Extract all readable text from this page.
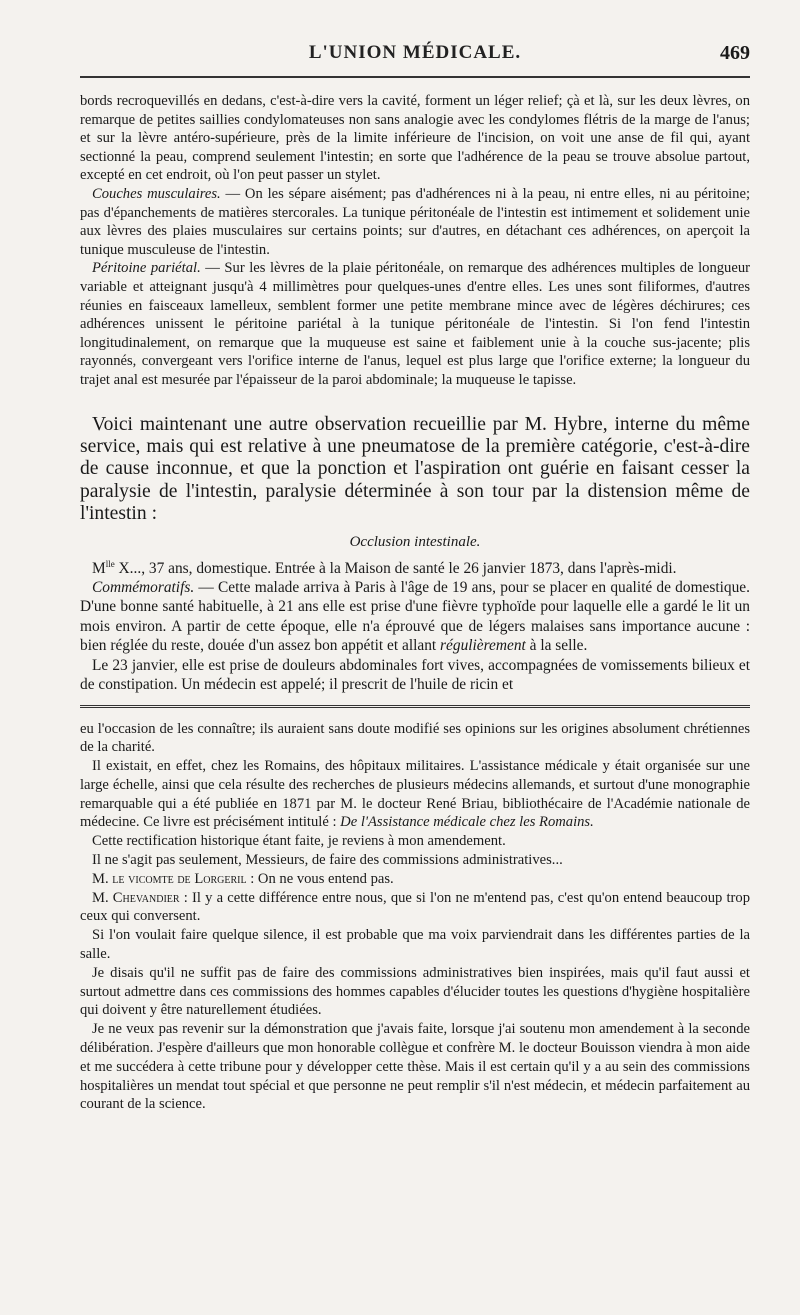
L'UNION MÉDICALE.	469

bords recroquevillés en dedans, c'est-à-dire vers la cavité, forment un léger relief; çà et là, sur les deux lèvres, on remarque de petites saillies condylomateuses non sans analogie avec les condylomes flétris de la marge de l'anus; et sur la lèvre antéro-supérieure, près de la limite inférieure de l'incision, on voit une anse de fil qui, ayant sectionné la peau, comprend seulement l'intestin; en sorte que l'adhérence de la peau se trouve absolue partout, excepté en cet endroit, où l'on peut passer un stylet.

Couches musculaires. — On les sépare aisément; pas d'adhérences ni à la peau, ni entre elles, ni au péritoine; pas d'épanchements de matières stercorales. La tunique péritonéale de l'intestin est intimement et solidement unie aux lèvres des plaies musculaires sur certains points; sur d'autres, en détachant ces adhérences, on aperçoit la tunique musculeuse de l'intestin.

Péritoine pariétal. — Sur les lèvres de la plaie péritonéale, on remarque des adhérences multiples de longueur variable et atteignant jusqu'à 4 millimètres pour quelques-unes d'entre elles. Les unes sont filiformes, d'autres réunies en faisceaux lamelleux, semblent former une petite membrane mince avec de légères déchirures; ces adhérences unissent le péritoine pariétal à la tunique péritonéale de l'intestin. Si l'on fend l'intestin longitudinalement, on remarque que la muqueuse est saine et faiblement unie à la couche sus-jacente; plis rayonnés, convergeant vers l'orifice interne de l'anus, lequel est plus large que l'orifice externe; la longueur du trajet anal est mesurée par l'épaisseur de la paroi abdominale; la muqueuse le tapisse.

Voici maintenant une autre observation recueillie par M. Hybre, interne du même service, mais qui est relative à une pneumatose de la première catégorie, c'est-à-dire de cause inconnue, et que la ponction et l'aspiration ont guérie en faisant cesser la paralysie de l'intestin, paralysie déterminée à son tour par la distension même de l'intestin :

Occlusion intestinale.

$M^{lle}$ X..., 37 ans, domestique. Entrée à la Maison de santé le 26 janvier 1873, dans l'après-midi.

Commémoratifs. — Cette malade arriva à Paris à l'âge de 19 ans, pour se placer en qualité de domestique. D'une bonne santé habituelle, à 21 ans elle est prise d'une fièvre typhoïde pour laquelle elle a gardé le lit un mois environ. A partir de cette époque, elle n'a éprouvé que de légers malaises sans importance aucune : bien réglée du reste, douée d'un assez bon appétit et allant régulièrement à la selle.

Le 23 janvier, elle est prise de douleurs abdominales fort vives, accompagnées de vomissements bilieux et de constipation. Un médecin est appelé; il prescrit de l'huile de ricin et

eu l'occasion de les connaître; ils auraient sans doute modifié ses opinions sur les origines absolument chrétiennes de la charité.

Il existait, en effet, chez les Romains, des hôpitaux militaires. L'assistance médicale y était organisée sur une large échelle, ainsi que cela résulte des recherches de plusieurs médecins allemands, et surtout d'une monographie remarquable qui a été publiée en 1871 par M. le docteur René Briau, bibliothécaire de l'Académie nationale de médecine. Ce livre est précisément intitulé : De l'Assistance médicale chez les Romains.

Cette rectification historique étant faite, je reviens à mon amendement.

Il ne s'agit pas seulement, Messieurs, de faire des commissions administratives...

M. le vicomte de Lorgeril : On ne vous entend pas.

M. Chevandier : Il y a cette différence entre nous, que si l'on ne m'entend pas, c'est qu'on entend beaucoup trop ceux qui conversent.

Si l'on voulait faire quelque silence, il est probable que ma voix parviendrait dans les différentes parties de la salle.

Je disais qu'il ne suffit pas de faire des commissions administratives bien inspirées, mais qu'il faut aussi et surtout admettre dans ces commissions des hommes capables d'élucider toutes les questions d'hygiène hospitalière qui doivent y être naturellement étudiées.

Je ne veux pas revenir sur la démonstration que j'avais faite, lorsque j'ai soutenu mon amendement à la seconde délibération. J'espère d'ailleurs que mon honorable collègue et confrère M. le docteur Bouisson viendra à mon aide et me succédera à cette tribune pour y développer cette thèse. Mais il est certain qu'il y a au sein des commissions hospitalières un mendat tout spécial et que personne ne peut remplir s'il n'est médecin, et médecin parfaitement au courant de la science.
